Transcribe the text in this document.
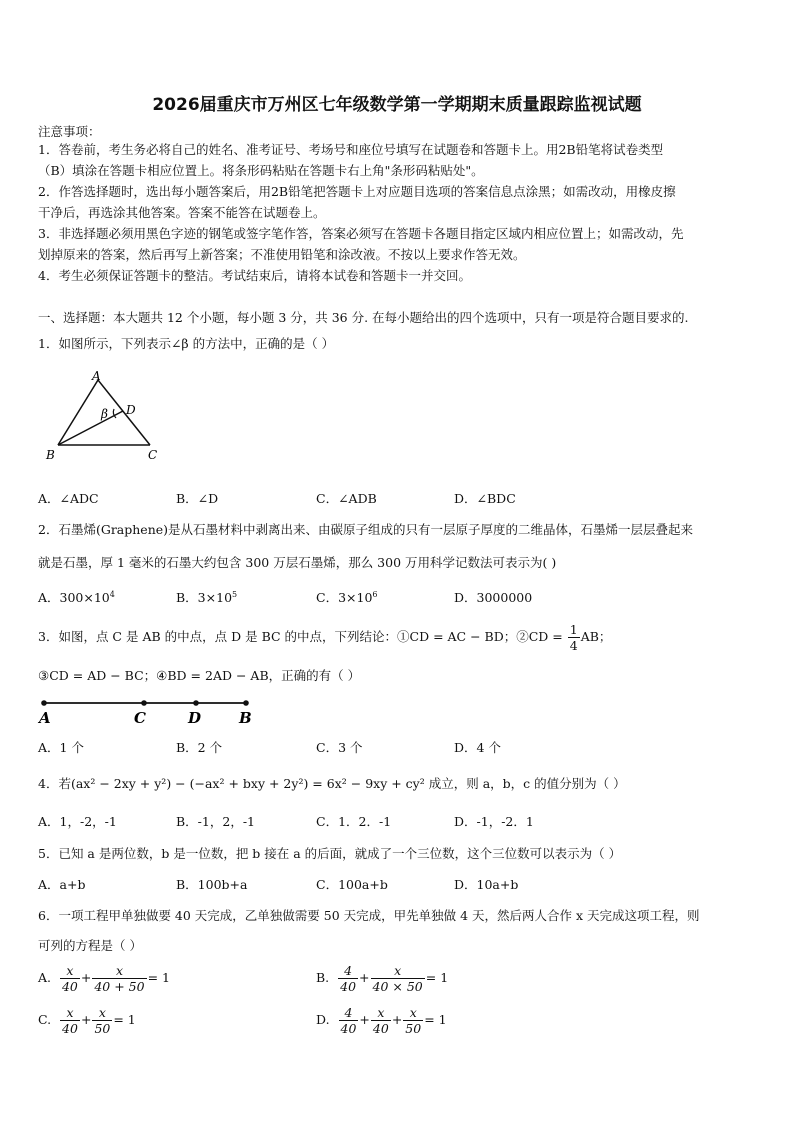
2026届重庆市万州区七年级数学第一学期期末质量跟踪监视试题
注意事项：
1．答卷前，考生务必将自己的姓名、准考证号、考场号和座位号填写在试题卷和答题卡上。用2B铅笔将试卷类型
（B）填涂在答题卡相应位置上。将条形码粘贴在答题卡右上角"条形码粘贴处"。
2．作答选择题时，选出每小题答案后，用2B铅笔把答题卡上对应题目选项的答案信息点涂黑；如需改动，用橡皮擦
干净后，再选涂其他答案。答案不能答在试题卷上。
3．非选择题必须用黑色字迹的钢笔或签字笔作答，答案必须写在答题卡各题目指定区域内相应位置上；如需改动，先
划掉原来的答案，然后再写上新答案；不准使用铅笔和涂改液。不按以上要求作答无效。
4．考生必须保证答题卡的整洁。考试结束后，请将本试卷和答题卡一并交回。
一、选择题：本大题共 12 个小题，每小题 3 分，共 36 分. 在每小题给出的四个选项中，只有一项是符合题目要求的.
1．如图所示，下列表示∠β 的方法中，正确的是（ ）
A
D
β
B	C
A．∠ADC	B．∠D	C．∠ADB	D．∠BDC
2．石墨烯(Graphene)是从石墨材料中剥离出来、由碳原子组成的只有一层原子厚度的二维晶体，石墨烯一层层叠起来
就是石墨，厚 1 毫米的石墨大约包含 300 万层石墨烯，那么 300 万用科学记数法可表示为( )
A．$300\times 10^4$	B．$3\times 10^5$	C．$3\times 10^6$	D．3000000
3．如图，点 C 是 AB 的中点，点 D 是 BC 的中点，下列结论：①CD = AC − BD；②CD = $\frac{1}{4}$ AB；
③CD = AD − BC；④BD = 2AD − AB，正确的有（ ）
A	C	D	B
A．1 个	B．2 个	C．3 个	D．4 个
4．若(ax² − 2xy + y²) − (−ax² + bxy + 2y²) = 6x² − 9xy + cy² 成立，则 a，b，c 的值分别为（ ）
A．1，-2，-1	B．-1，2，-1	C．1．2．-1	D．-1，-2．1
5．已知 a 是两位数，b 是一位数，把 b 接在 a 的后面，就成了一个三位数，这个三位数可以表示为（ ）
A．a+b	B．100b+a	C．100a+b	D．10a+b
6．一项工程甲单独做要 40 天完成，乙单独做需要 50 天完成，甲先单独做 4 天，然后两人合作 x 天完成这项工程，则
可列的方程是（ ）
A. $\frac{x}{40} + \frac{x}{40 + 50} = 1$	B. $\frac{4}{40} + \frac{x}{40 \times 50} = 1$
C. $\frac{x}{40} + \frac{x}{50} = 1$	D. $\frac{4}{40} + \frac{x}{40} + \frac{x}{50} = 1$
